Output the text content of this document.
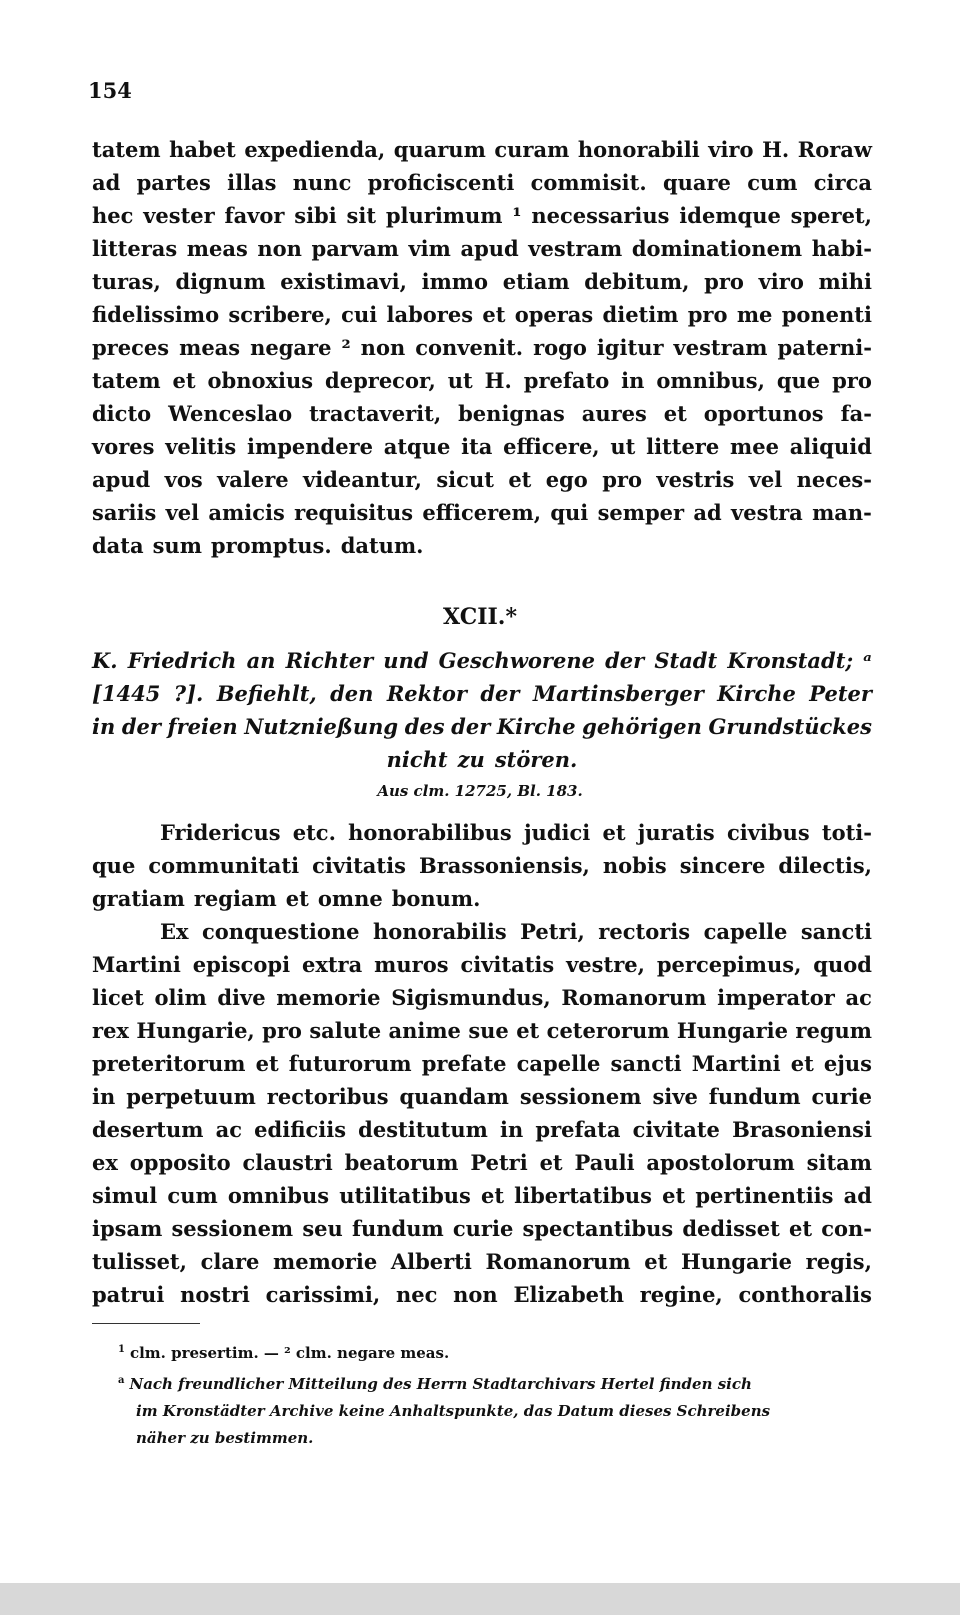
154
tatem habet expedienda, quarum curam honorabili viro H. Roraw
ad partes illas nunc proficiscenti commisit. quare cum circa
hec vester favor sibi sit plurimum ¹ necessarius idemque speret,
litteras meas non parvam vim apud vestram dominationem habi-
turas, dignum existimavi, immo etiam debitum, pro viro mihi
fidelissimo scribere, cui labores et operas dietim pro me ponenti
preces meas negare ² non convenit. rogo igitur vestram paterni-
tatem et obnoxius deprecor, ut H. prefato in omnibus, que pro
dicto Wenceslao tractaverit, benignas aures et oportunos fa-
vores velitis impendere atque ita efficere, ut littere mee aliquid
apud vos valere videantur, sicut et ego pro vestris vel neces-
sariis vel amicis requisitus efficerem, qui semper ad vestra man-
data sum promptus. datum.
XCII.*
K. Friedrich an Richter und Geschworene der Stadt Kronstadt; ᵃ
[1445 ?]. Befiehlt, den Rektor der Martinsberger Kirche Peter
in der freien Nutznießung des der Kirche gehörigen Grundstückes
nicht zu stören.
Aus clm. 12725, Bl. 183.
Fridericus etc. honorabilibus judici et juratis civibus toti-
que communitati civitatis Brassoniensis, nobis sincere dilectis,
gratiam regiam et omne bonum.
Ex conquestione honorabilis Petri, rectoris capelle sancti
Martini episcopi extra muros civitatis vestre, percepimus, quod
licet olim dive memorie Sigismundus, Romanorum imperator ac
rex Hungarie, pro salute anime sue et ceterorum Hungarie regum
preteritorum et futurorum prefate capelle sancti Martini et ejus
in perpetuum rectoribus quandam sessionem sive fundum curie
desertum ac edificiis destitutum in prefata civitate Brasoniensi
ex opposito claustri beatorum Petri et Pauli apostolorum sitam
simul cum omnibus utilitatibus et libertatibus et pertinentiis ad
ipsam sessionem seu fundum curie spectantibus dedisset et con-
tulisset, clare memorie Alberti Romanorum et Hungarie regis,
patrui nostri carissimi, nec non Elizabeth regine, conthoralis
$^1$ clm. presertim. — ² clm. negare meas.
$^a$ Nach freundlicher Mitteilung des Herrn Stadtarchivars Hertel finden sich
im Kronstädter Archive keine Anhaltspunkte, das Datum dieses Schreibens
näher zu bestimmen.
